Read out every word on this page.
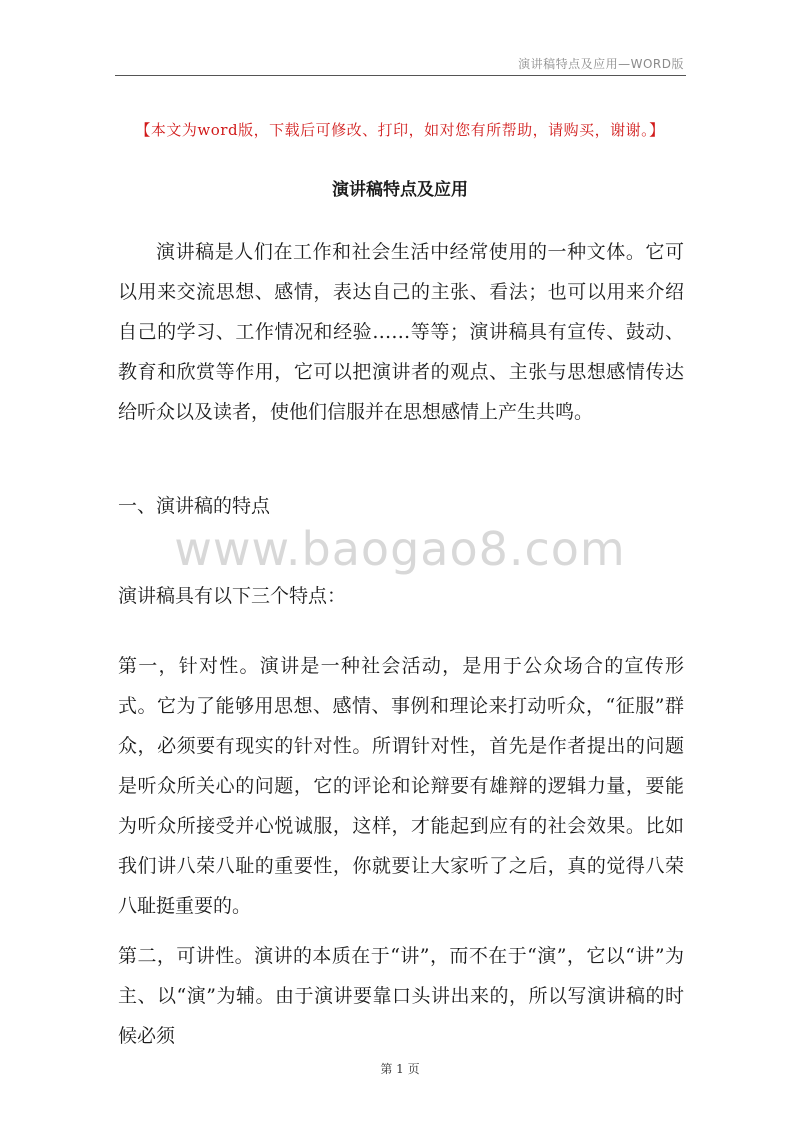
演讲稿特点及应用—WORD版
【本文为word版，下载后可修改、打印，如对您有所帮助，请购买，谢谢。】
演讲稿特点及应用
演讲稿是人们在工作和社会生活中经常使用的一种文体。它可以用来交流思想、感情，表达自己的主张、看法；也可以用来介绍自己的学习、工作情况和经验……等等；演讲稿具有宣传、鼓动、教育和欣赏等作用，它可以把演讲者的观点、主张与思想感情传达给听众以及读者，使他们信服并在思想感情上产生共鸣。
一、演讲稿的特点
www.baogao8.com
演讲稿具有以下三个特点：
第一，针对性。演讲是一种社会活动，是用于公众场合的宣传形式。它为了能够用思想、感情、事例和理论来打动听众，“征服”群众，必须要有现实的针对性。所谓针对性，首先是作者提出的问题是听众所关心的问题，它的评论和论辩要有雄辩的逻辑力量，要能为听众所接受并心悦诚服，这样，才能起到应有的社会效果。比如我们讲八荣八耻的重要性，你就要让大家听了之后，真的觉得八荣八耻挺重要的。
第二，可讲性。演讲的本质在于“讲”，而不在于“演”，它以“讲”为主、以“演”为辅。由于演讲要靠口头讲出来的，所以写演讲稿的时候必须
第 1 页
